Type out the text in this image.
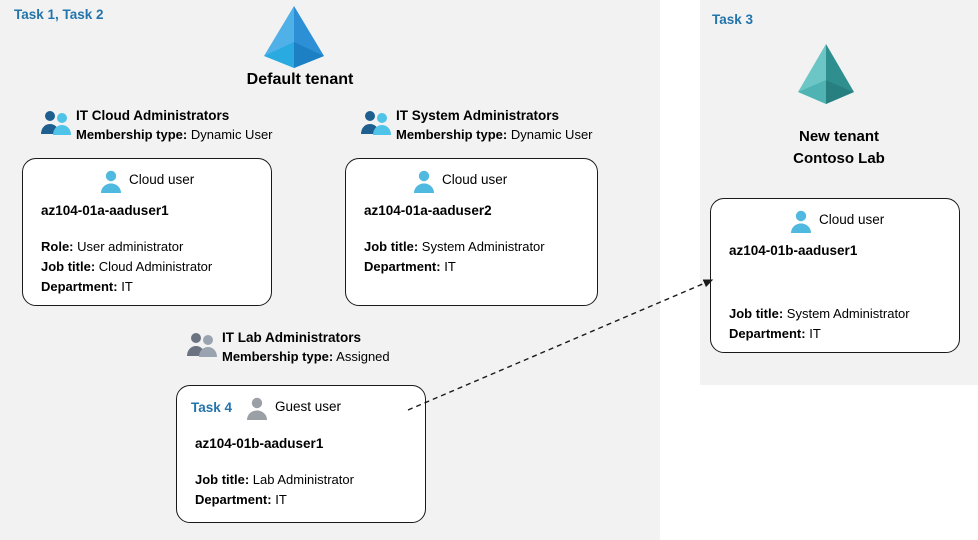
Task 1, Task 2
Default tenant
IT Cloud Administrators
Membership type: Dynamic User
IT System Administrators
Membership type: Dynamic User
IT Lab Administrators
Membership type: Assigned
Cloud user
az104-01a-aaduser1
Role: User administrator
Job title: Cloud Administrator
Department: IT
Cloud user
az104-01a-aaduser2
Job title: System Administrator
Department: IT
Task 4	Guest user
az104-01b-aaduser1
Job title: Lab Administrator
Department: IT
Task 3
New tenant
Contoso Lab
Cloud user
az104-01b-aaduser1
Job title: System Administrator
Department: IT
